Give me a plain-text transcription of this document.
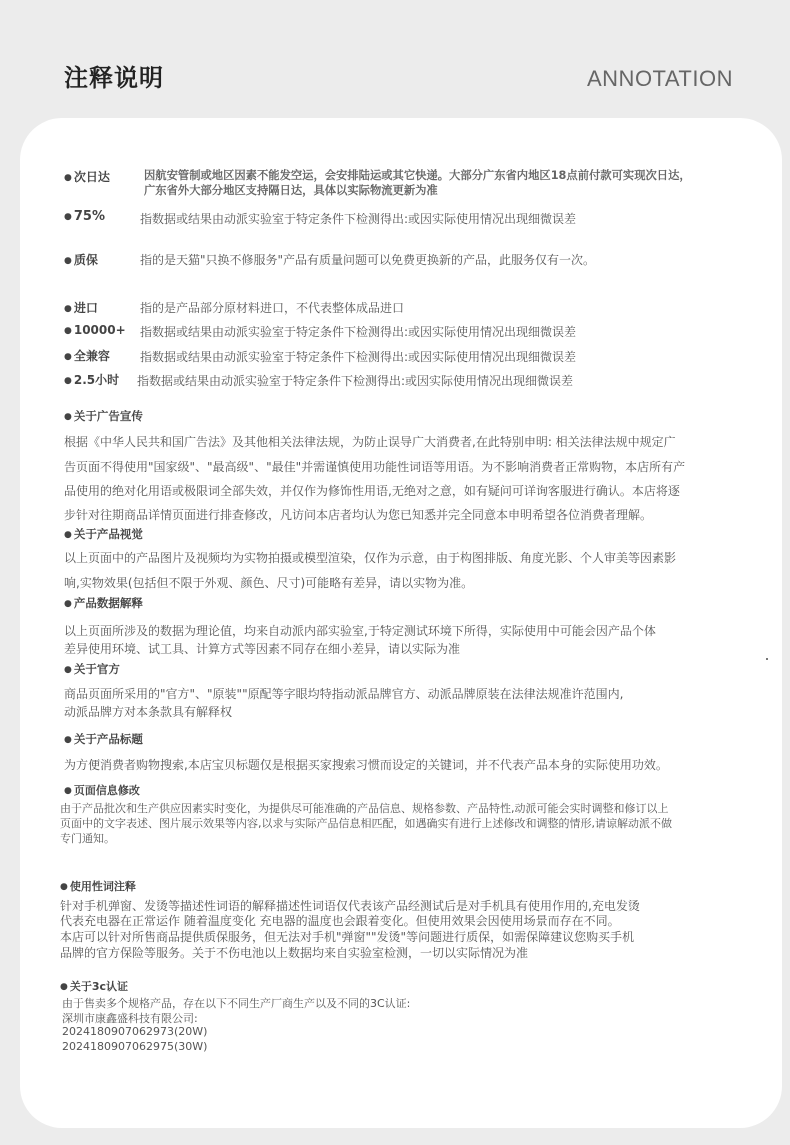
注释说明	ANNOTATION
● 次日达	因航安管制或地区因素不能发空运，会安排陆运或其它快递。大部分广东省内地区18点前付款可实现次日达，
广东省外大部分地区支持隔日达，具体以实际物流更新为准
● 75%	指数据或结果由动派实验室于特定条件下检测得出:或因实际使用情况出现细微误差
● 质保	指的是天猫"只换不修服务"产品有质量问题可以免费更换新的产品，此服务仅有一次。
● 进口	指的是产品部分原材料进口，不代表整体成品进口
● 10000+ 指数据或结果由动派实验室于特定条件下检测得出:或因实际使用情况出现细微误差
● 全兼容	指数据或结果由动派实验室于特定条件下检测得出:或因实际使用情况出现细微误差
● 2.5小时 指数据或结果由动派实验室于特定条件下检测得出:或因实际使用情况出现细微误差
● 关于广告宣传
根据《中华人民共和国广告法》及其他相关法律法规，为防止误导广大消费者,在此特别申明: 相关法律法规中规定广
告页面不得使用"国家级"、"最高级"、"最佳"并需谨慎使用功能性词语等用语。为不影响消费者正常购物，本店所有产
品使用的绝对化用语或极限词全部失效，并仅作为修饰性用语,无绝对之意，如有疑问可详询客服进行确认。本店将逐
步针对往期商品详情页面进行排查修改，凡访问本店者均认为您已知悉并完全同意本申明希望各位消费者理解。
● 关于产品视觉
以上页面中的产品图片及视频均为实物拍摄或模型渲染，仅作为示意，由于构图排版、角度光影、个人审美等因素影
响,实物效果(包括但不限于外观、颜色、尺寸)可能略有差异，请以实物为准。
● 产品数据解释
以上页面所涉及的数据为理论值，均来自动派内部实验室,于特定测试环境下所得，实际使用中可能会因产品个体
差异使用环境、试工具、计算方式等因素不同存在细小差异，请以实际为准
● 关于官方
商品页面所采用的"官方"、"原装""原配等字眼均特指动派品牌官方、动派品牌原装在法律法规准许范围内,
动派品牌方对本条款具有解释权
● 关于产品标题
为方便消费者购物搜索,本店宝贝标题仅是根据买家搜索习惯而设定的关键词，并不代表产品本身的实际使用功效。
● 页面信息修改
由于产品批次和生产供应因素实时变化，为提供尽可能准确的产品信息、规格参数、产品特性,动派可能会实时调整和修订以上
页面中的文字表述、图片展示效果等内容,以求与实际产品信息相匹配，如遇确实有进行上述修改和调整的情形,请谅解动派不做
专门通知。
● 使用性词注释
针对手机弹窗、发烫等描述性词语的解释描述性词语仅代表该产品经测试后是对手机具有使用作用的,充电发烫
代表充电器在正常运作 随着温度变化 充电器的温度也会跟着变化。但使用效果会因使用场景而存在不同。
本店可以针对所售商品提供质保服务，但无法对手机"弹窗""发烫"等问题进行质保，如需保障建议您购买手机
品牌的官方保险等服务。关于不伤电池以上数据均来自实验室检测，一切以实际情况为准
● 关于3c认证
由于售卖多个规格产品，存在以下不同生产厂商生产以及不同的3C认证:
深圳市康鑫盛科技有限公司:
2024180907062973(20W)
2024180907062975(30W)
